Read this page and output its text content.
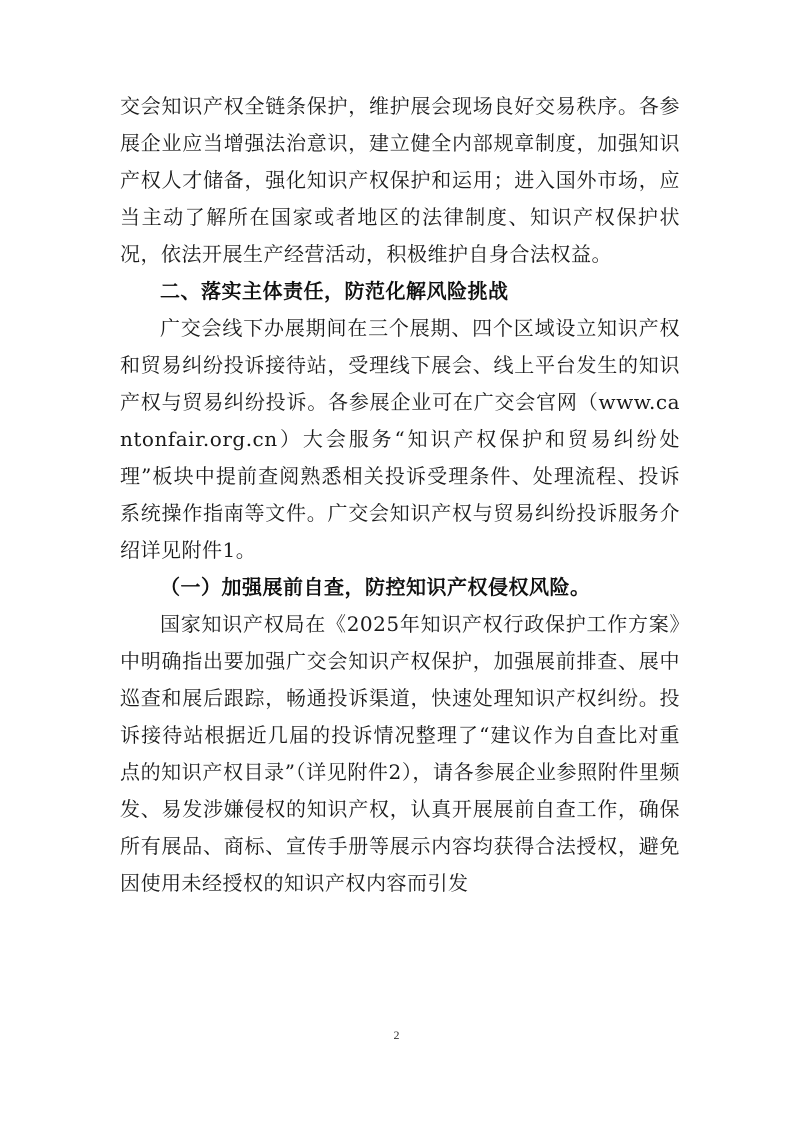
交会知识产权全链条保护，维护展会现场良好交易秩序。各参展企业应当增强法治意识，建立健全内部规章制度，加强知识产权人才储备，强化知识产权保护和运用；进入国外市场，应当主动了解所在国家或者地区的法律制度、知识产权保护状况，依法开展生产经营活动，积极维护自身合法权益。

二、落实主体责任，防范化解风险挑战

广交会线下办展期间在三个展期、四个区域设立知识产权和贸易纠纷投诉接待站，受理线下展会、线上平台发生的知识产权与贸易纠纷投诉。各参展企业可在广交会官网（www.cantonfair.org.cn）大会服务“知识产权保护和贸易纠纷处理”板块中提前查阅熟悉相关投诉受理条件、处理流程、投诉系统操作指南等文件。广交会知识产权与贸易纠纷投诉服务介绍详见附件1。

（一）加强展前自查，防控知识产权侵权风险。

国家知识产权局在《2025年知识产权行政保护工作方案》中明确指出要加强广交会知识产权保护，加强展前排查、展中巡查和展后跟踪，畅通投诉渠道，快速处理知识产权纠纷。投诉接待站根据近几届的投诉情况整理了“建议作为自查比对重点的知识产权目录”（详见附件2），请各参展企业参照附件里频发、易发涉嫌侵权的知识产权，认真开展展前自查工作，确保所有展品、商标、宣传手册等展示内容均获得合法授权，避免因使用未经授权的知识产权内容而引发

2
